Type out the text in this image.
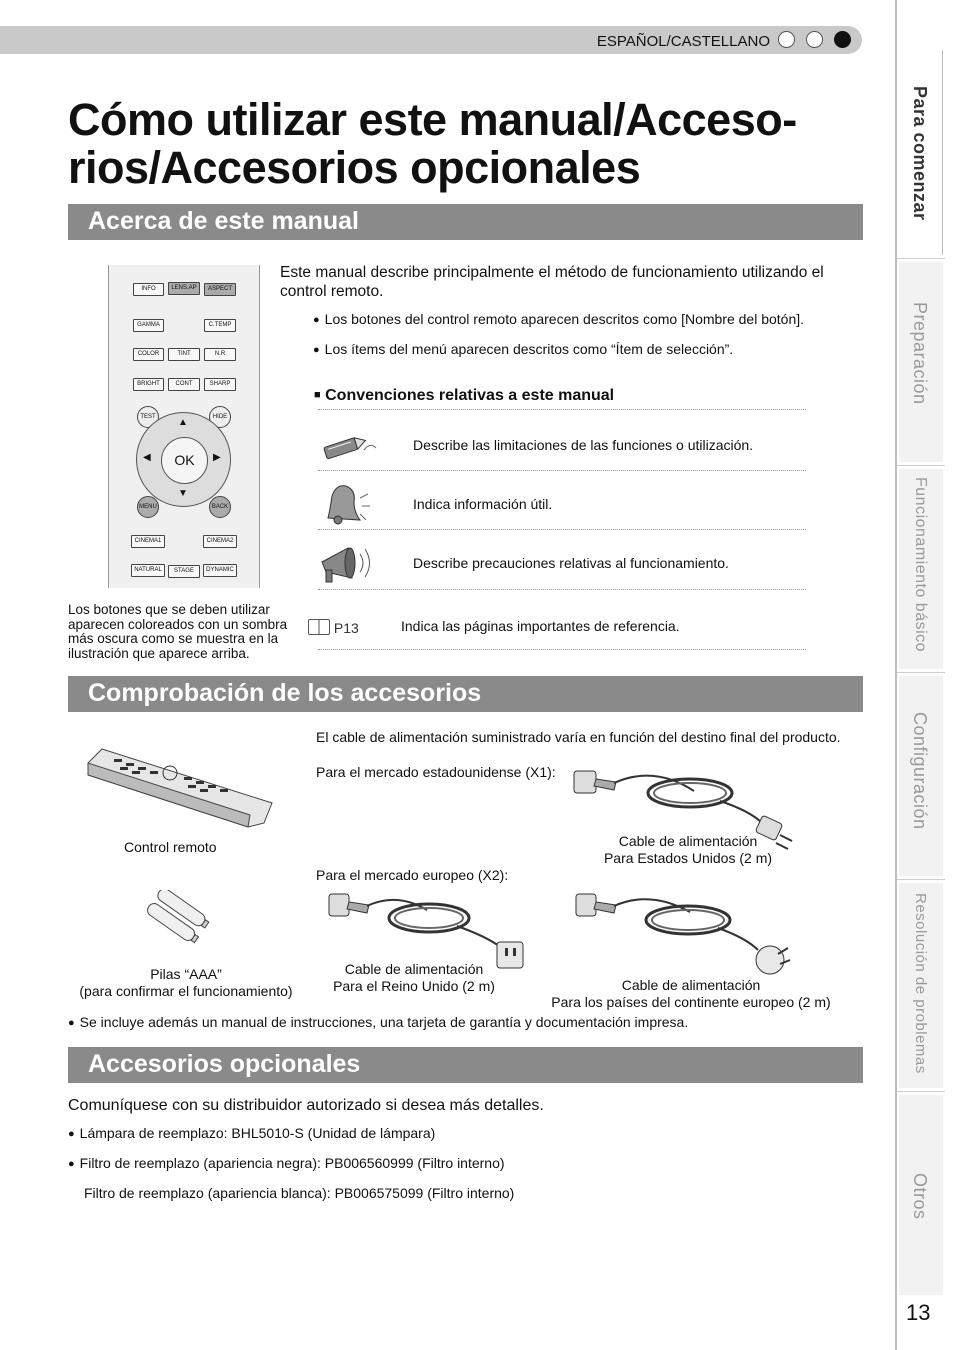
ESPAÑOL/CASTELLANO
Para comenzar
Preparación
Funcionamiento básico
Configuración
Resolución de problemas
Otros
13
Cómo utilizar este manual/Acceso-
rios/Accesorios opcionales
Acerca de este manual
INFO	LENS.AP	ASPECT
GAMMA	C.TEMP
COLOR	TINT	N.R
BRIGHT	CONT	SHARP
TEST	HIDE
▲
▼
◀	▶
OK
MENU	BACK
CINEMA1	CINEMA2
NATURAL	STAGE	DYNAMIC
Este manual describe principalmente el método de funcionamiento utilizando el control remoto.
● Los botones del control remoto aparecen descritos como [Nombre del botón].
● Los ítems del menú aparecen descritos como “Ítem de selección”.
■ Convenciones relativas a este manual
Describe las limitaciones de las funciones o utilización.
Indica información útil.
Describe precauciones relativas al funcionamiento.
P13	Indica las páginas importantes de referencia.
Los botones que se deben utilizar aparecen coloreados con un sombra más oscura como se muestra en la ilustración que aparece arriba.
Comprobación de los accesorios
Control remoto
Pilas “AAA”
(para confirmar el funcionamiento)
El cable de alimentación suministrado varía en función del destino final del producto.
Para el mercado estadounidense (X1):
Cable de alimentación
Para Estados Unidos (2 m)
Para el mercado europeo (X2):
Cable de alimentación
Para el Reino Unido (2 m)	Cable de alimentación
Para los países del continente europeo (2 m)
● Se incluye además un manual de instrucciones, una tarjeta de garantía y documentación impresa.
Accesorios opcionales
Comuníquese con su distribuidor autorizado si desea más detalles.
● Lámpara de reemplazo: BHL5010-S (Unidad de lámpara)
● Filtro de reemplazo (apariencia negra): PB006560999 (Filtro interno)
Filtro de reemplazo (apariencia blanca): PB006575099 (Filtro interno)
